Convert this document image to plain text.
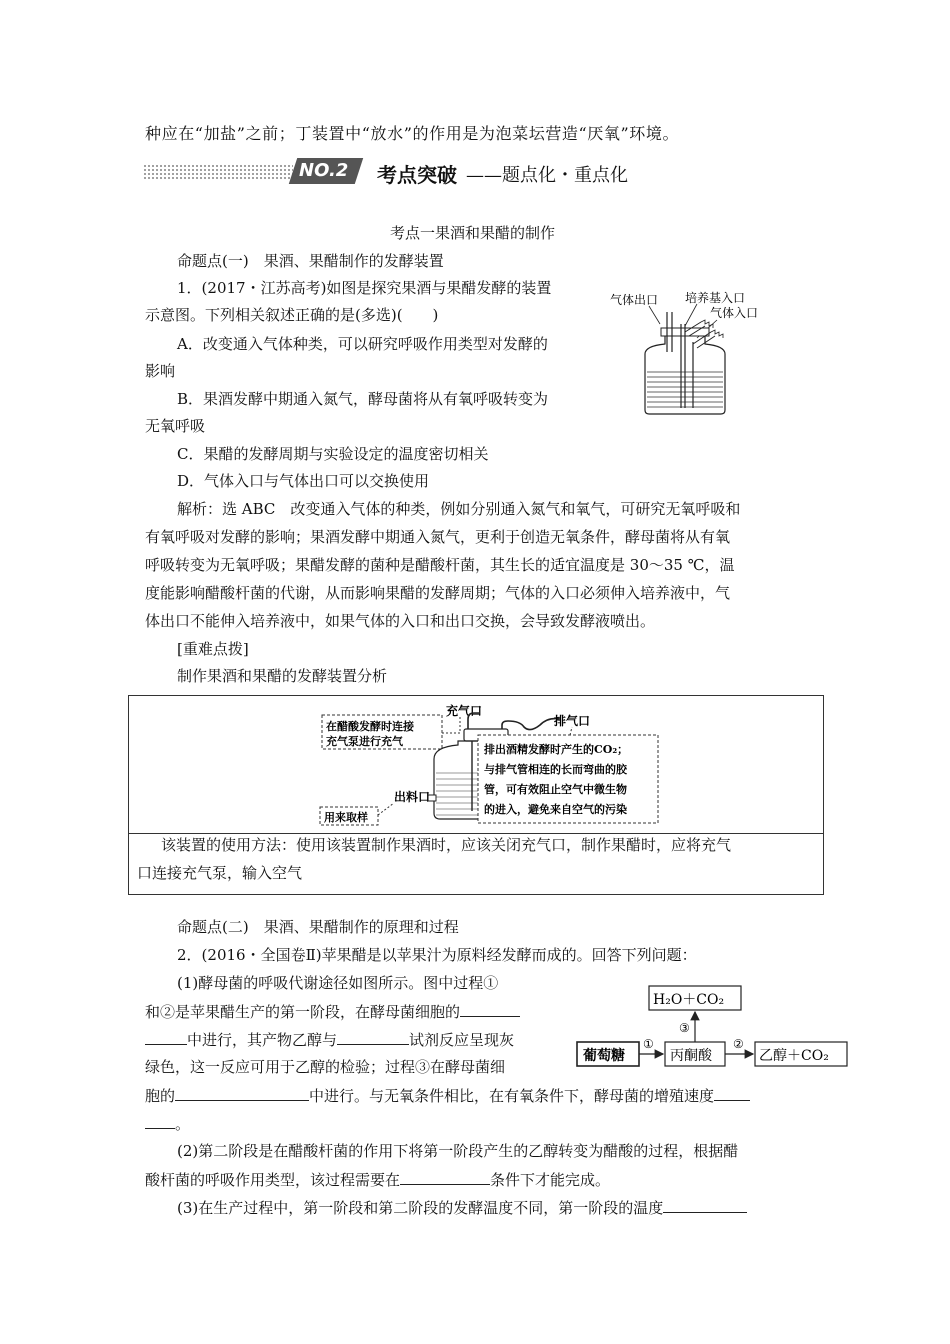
种应在“加盐”之前；丁装置中“放水”的作用是为泡菜坛营造“厌氧”环境。
NO.2	考点突破 ——题点化・重点化
考点一果酒和果醋的制作
命题点(一)　果酒、果醋制作的发酵装置
1．(2017・江苏高考)如图是探究果酒与果醋发酵的装置
示意图。下列相关叙述正确的是(多选)(　　)
A．改变通入气体种类，可以研究呼吸作用类型对发酵的
影响
B．果酒发酵中期通入氮气，酵母菌将从有氧呼吸转变为
无氧呼吸
C．果醋的发酵周期与实验设定的温度密切相关
D．气体入口与气体出口可以交换使用
气体出口 培养基入口
气体入口
解析：选 ABC　改变通入气体的种类，例如分别通入氮气和氧气，可研究无氧呼吸和
有氧呼吸对发酵的影响；果酒发酵中期通入氮气，更利于创造无氧条件，酵母菌将从有氧
呼吸转变为无氧呼吸；果醋发酵的菌种是醋酸杆菌，其生长的适宜温度是 30～35 ℃，温
度能影响醋酸杆菌的代谢，从而影响果醋的发酵周期；气体的入口必须伸入培养液中，气
体出口不能伸入培养液中，如果气体的入口和出口交换，会导致发酵液喷出。
[重难点拨]
制作果酒和果醋的发酵装置分析
在醋酸发酵时连接
充气泵进行充气
充气口
排气口
出料口
用来取样
排出酒精发酵时产生的CO₂；
与排气管相连的长而弯曲的胶
管，可有效阻止空气中微生物
的进入，避免来自空气的污染
该装置的使用方法：使用该装置制作果酒时，应该关闭充气口，制作果醋时，应将充气
口连接充气泵，输入空气
命题点(二)　果酒、果醋制作的原理和过程
2．(2016・全国卷Ⅱ)苹果醋是以苹果汁为原料经发酵而成的。回答下列问题：
(1)酵母菌的呼吸代谢途径如图所示。图中过程①
和②是苹果醋生产的第一阶段，在酵母菌细胞的
中进行，其产物乙醇与	试剂反应呈现灰
绿色，这一反应可用于乙醇的检验；过程③在酵母菌细
胞的	中进行。与无氧条件相比，在有氧条件下，酵母菌的增殖速度
。
H₂O＋CO₂
葡萄糖	丙酮酸	乙醇＋CO₂
①	②
③
(2)第二阶段是在醋酸杆菌的作用下将第一阶段产生的乙醇转变为醋酸的过程，根据醋
酸杆菌的呼吸作用类型，该过程需要在	条件下才能完成。
(3)在生产过程中，第一阶段和第二阶段的发酵温度不同，第一阶段的温度
